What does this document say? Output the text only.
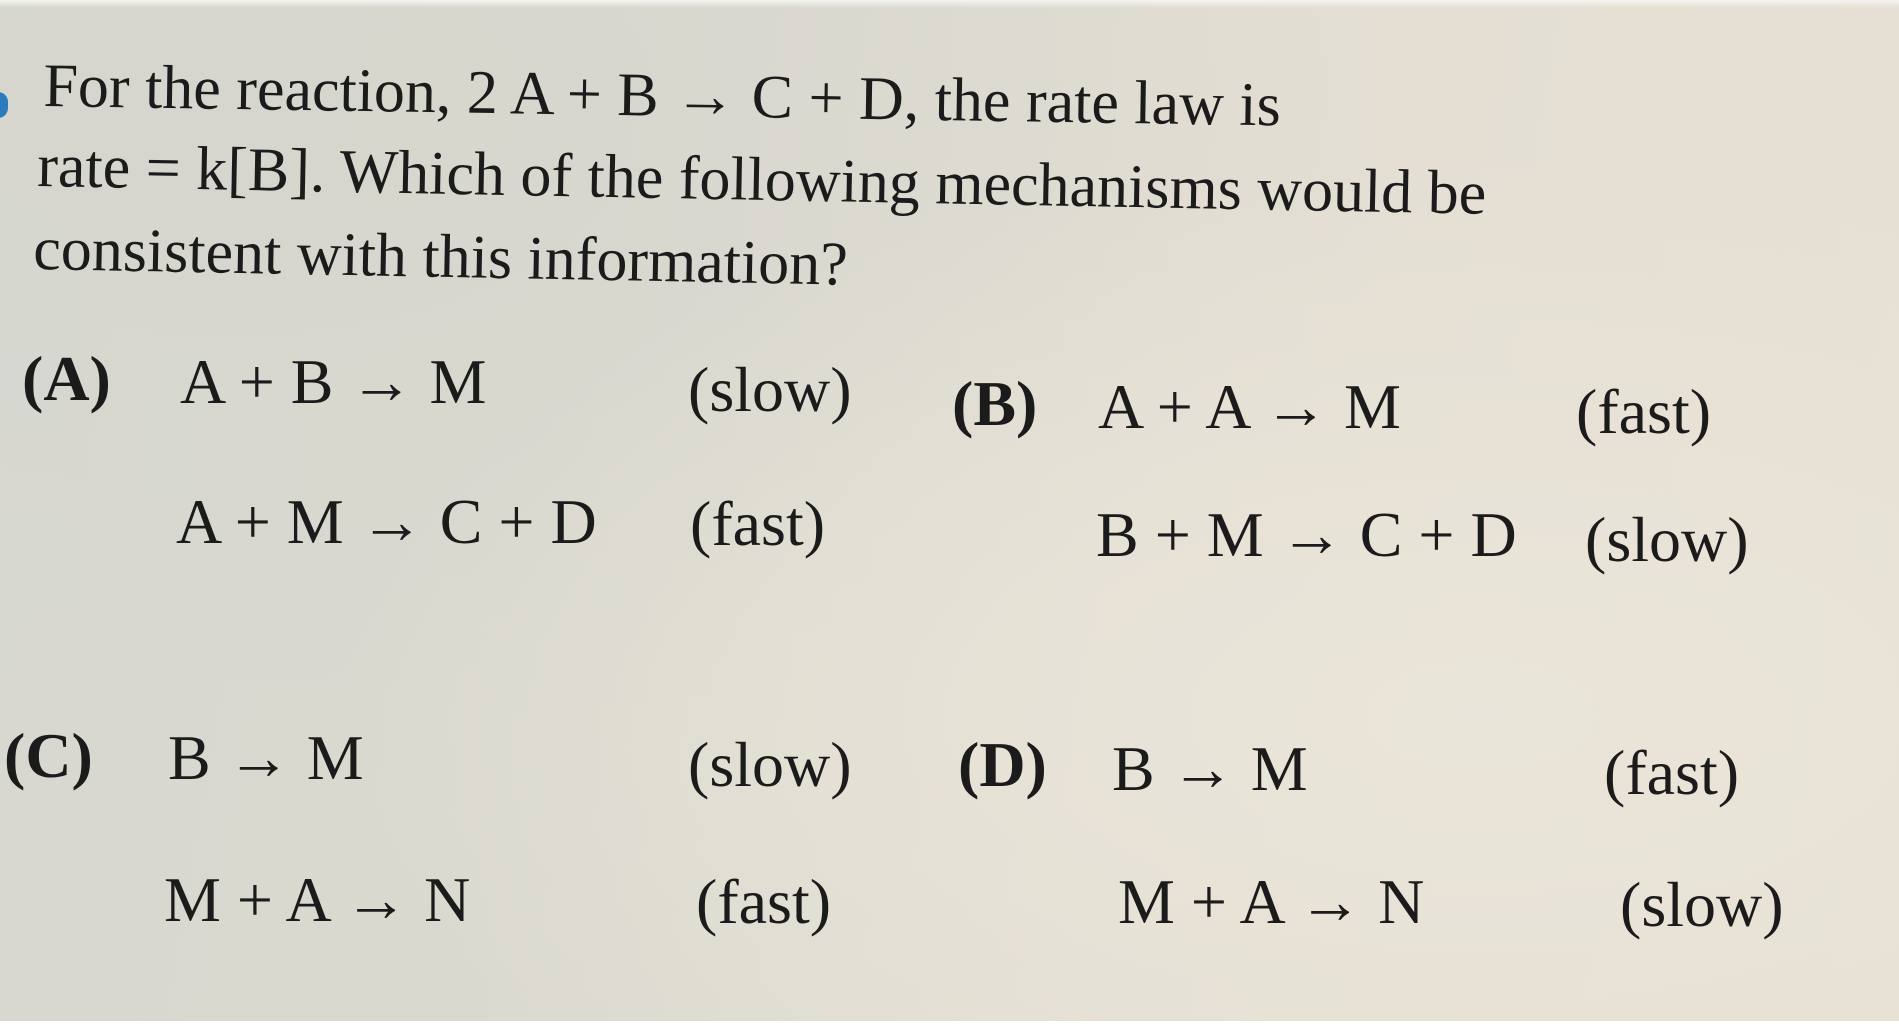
For the reaction, 2 A + B → C + D, the rate law is
rate = k[B]. Which of the following mechanisms would be
consistent with this information?
(A) A + B → M	(slow)
A + M → C + D (fast)
(B) A + A → M	(fast)
B + M → C + D (slow)
(C) B → M	(slow)
M + A → N	(fast)
(D) B → M	(fast)
M + A → N	(slow)
